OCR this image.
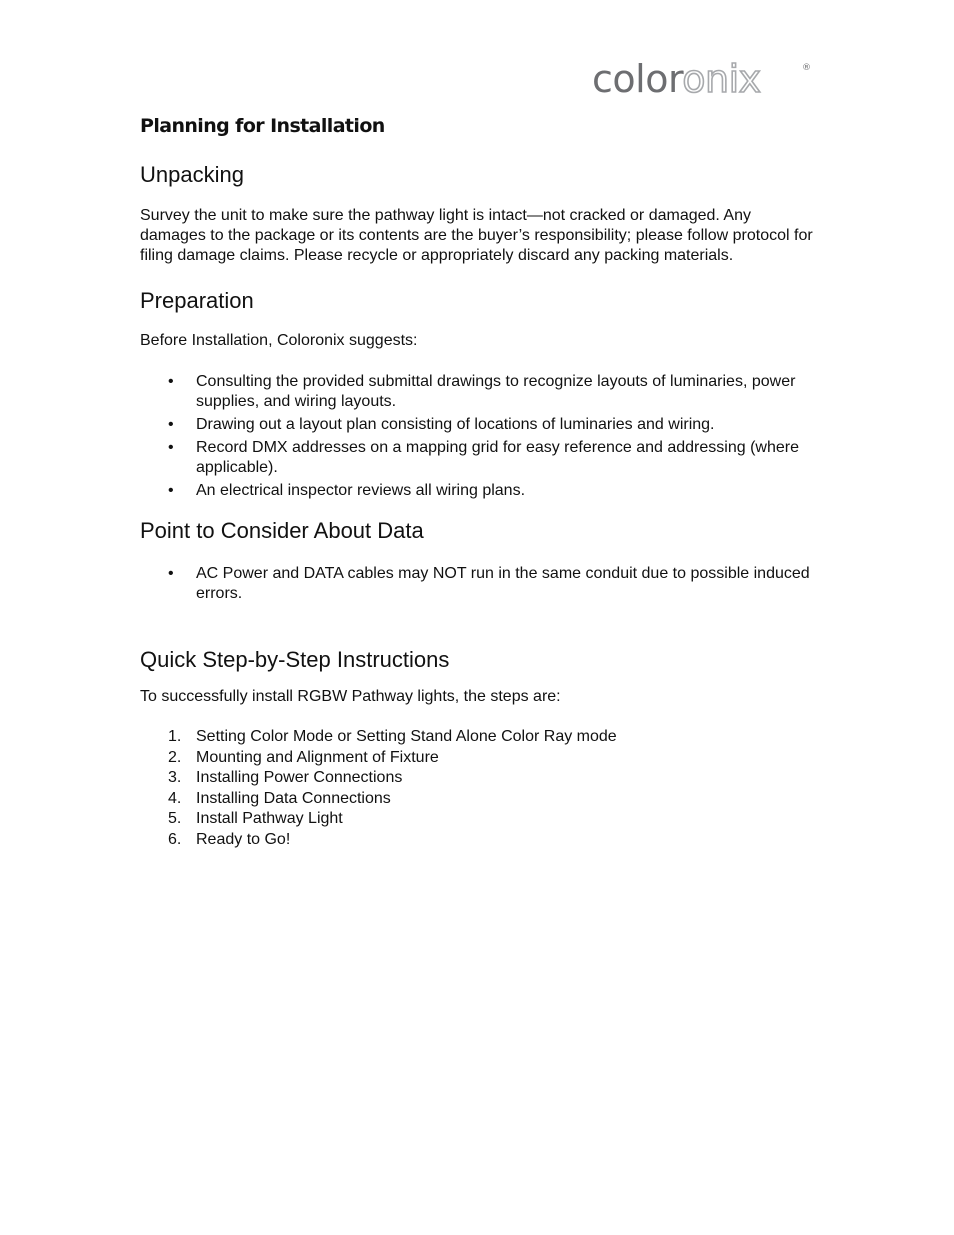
coloronix	®
Planning for Installation
Unpacking

Survey the unit to make sure the pathway light is intact—not cracked or damaged. Any damages to the package or its contents are the buyer’s responsibility; please follow protocol for filing damage claims. Please recycle or appropriately discard any packing materials.

Preparation

Before Installation, Coloronix suggests:

• Consulting the provided submittal drawings to recognize layouts of luminaries, power supplies, and wiring layouts.
• Drawing out a layout plan consisting of locations of luminaries and wiring.
• Record DMX addresses on a mapping grid for easy reference and addressing (where applicable).
• An electrical inspector reviews all wiring plans.
Point to Consider About Data
• AC Power and DATA cables may NOT run in the same conduit due to possible induced errors.
Quick Step-by-Step Instructions

To successfully install RGBW Pathway lights, the steps are:

1. Setting Color Mode or Setting Stand Alone Color Ray mode
2. Mounting and Alignment of Fixture
3. Installing Power Connections
4. Installing Data Connections
5. Install Pathway Light
6. Ready to Go!
